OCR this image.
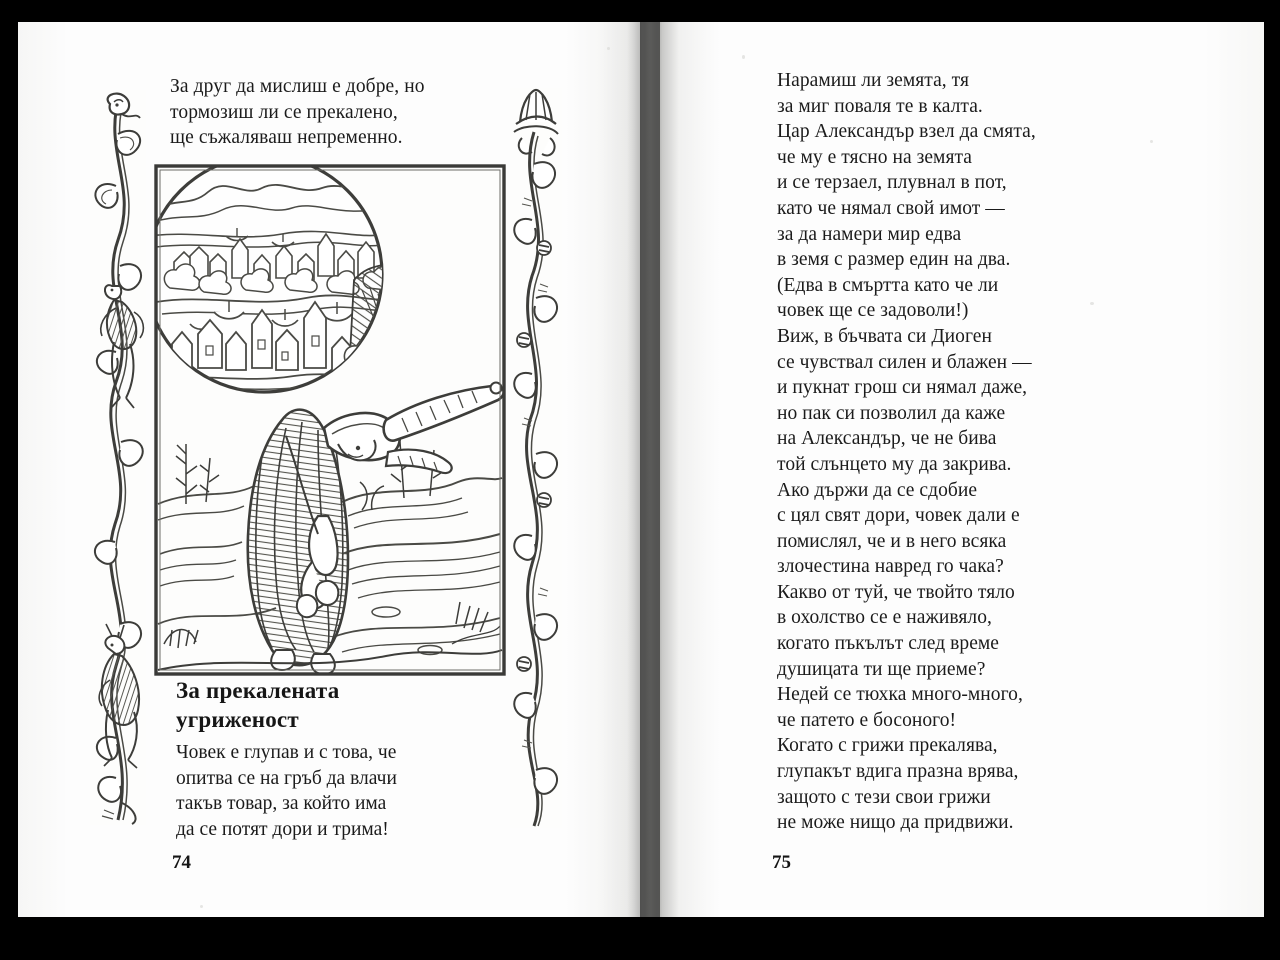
За друг да мислиш е добре, но
тормозиш ли се прекалено,
ще съжаляваш непременно.
За прекалената
угриженост
Човек е глупав и с това, че
опитва се на гръб да влачи
такъв товар, за който има
да се потят дори и трима!
74
Нарамиш ли земята, тя
за миг поваля те в калта.
Цар Александър взел да смята,
че му е тясно на земята
и се терзаел, плувнал в пот,
като че нямал свой имот —
за да намери мир едва
в земя с размер един на два.
(Едва в смъртта като че ли
човек ще се задоволи!)
Виж, в бъчвата си Диоген
се чувствал силен и блажен —
и пукнат грош си нямал даже,
но пак си позволил да каже
на Александър, че не бива
той слънцето му да закрива.
Ако държи да се сдобие
с цял свят дори, човек дали е
помислял, че и в него всяка
злочестина навред го чака?
Какво от туй, че твойто тяло
в охолство се е наживяло,
когато пъкълът след време
душицата ти ще приеме?
Недей се тюхка много-много,
че патето е босоного!
Когато с грижи прекалява,
глупакът вдига празна врява,
защото с тези свои грижи
не може нищо да придвижи.
75
